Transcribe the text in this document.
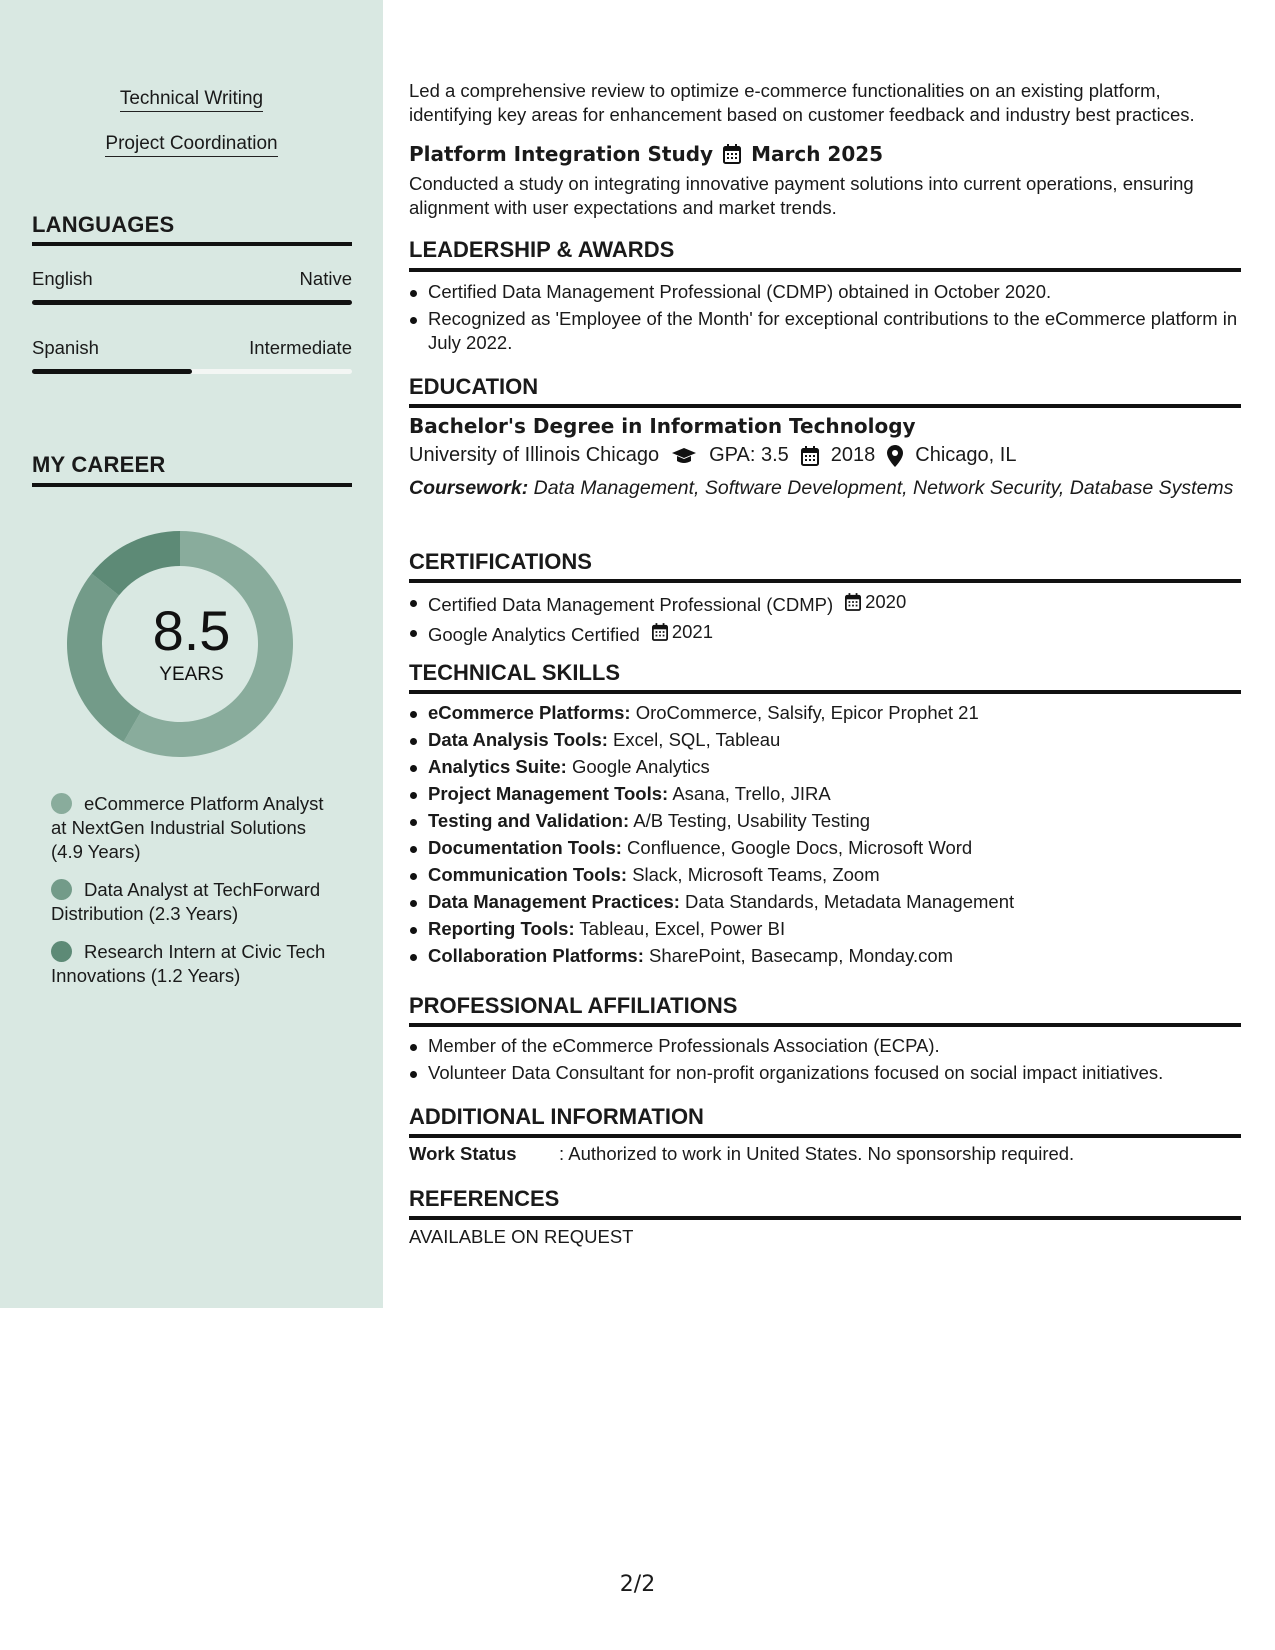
Technical Writing
Project Coordination
LANGUAGES
English	Native
Spanish	Intermediate
MY CAREER
8.5
YEARS
eCommerce Platform Analyst at NextGen Industrial Solutions (4.9 Years)
Data Analyst at TechForward Distribution (2.3 Years)
Research Intern at Civic Tech Innovations (1.2 Years)
Led a comprehensive review to optimize e-commerce functionalities on an existing platform, identifying key areas for enhancement based on customer feedback and industry best practices.
Platform Integration Study March 2025
Conducted a study on integrating innovative payment solutions into current operations, ensuring alignment with user expectations and market trends.
LEADERSHIP & AWARDS
Certified Data Management Professional (CDMP) obtained in October 2020.
Recognized as 'Employee of the Month' for exceptional contributions to the eCommerce platform in July 2022.
EDUCATION
Bachelor's Degree in Information Technology
University of Illinois Chicago	GPA: 3.5 2018 Chicago, IL
Coursework: Data Management, Software Development, Network Security, Database Systems
CERTIFICATIONS
Certified Data Management Professional (CDMP) 2020
Google Analytics Certified 2021
TECHNICAL SKILLS
eCommerce Platforms: OroCommerce, Salsify, Epicor Prophet 21
Data Analysis Tools: Excel, SQL, Tableau
Analytics Suite: Google Analytics
Project Management Tools: Asana, Trello, JIRA
Testing and Validation: A/B Testing, Usability Testing
Documentation Tools: Confluence, Google Docs, Microsoft Word
Communication Tools: Slack, Microsoft Teams, Zoom
Data Management Practices: Data Standards, Metadata Management
Reporting Tools: Tableau, Excel, Power BI
Collaboration Platforms: SharePoint, Basecamp, Monday.com
PROFESSIONAL AFFILIATIONS
Member of the eCommerce Professionals Association (ECPA).
Volunteer Data Consultant for non-profit organizations focused on social impact initiatives.
ADDITIONAL INFORMATION
Work Status	: Authorized to work in United States. No sponsorship required.
REFERENCES
AVAILABLE ON REQUEST
2/2
